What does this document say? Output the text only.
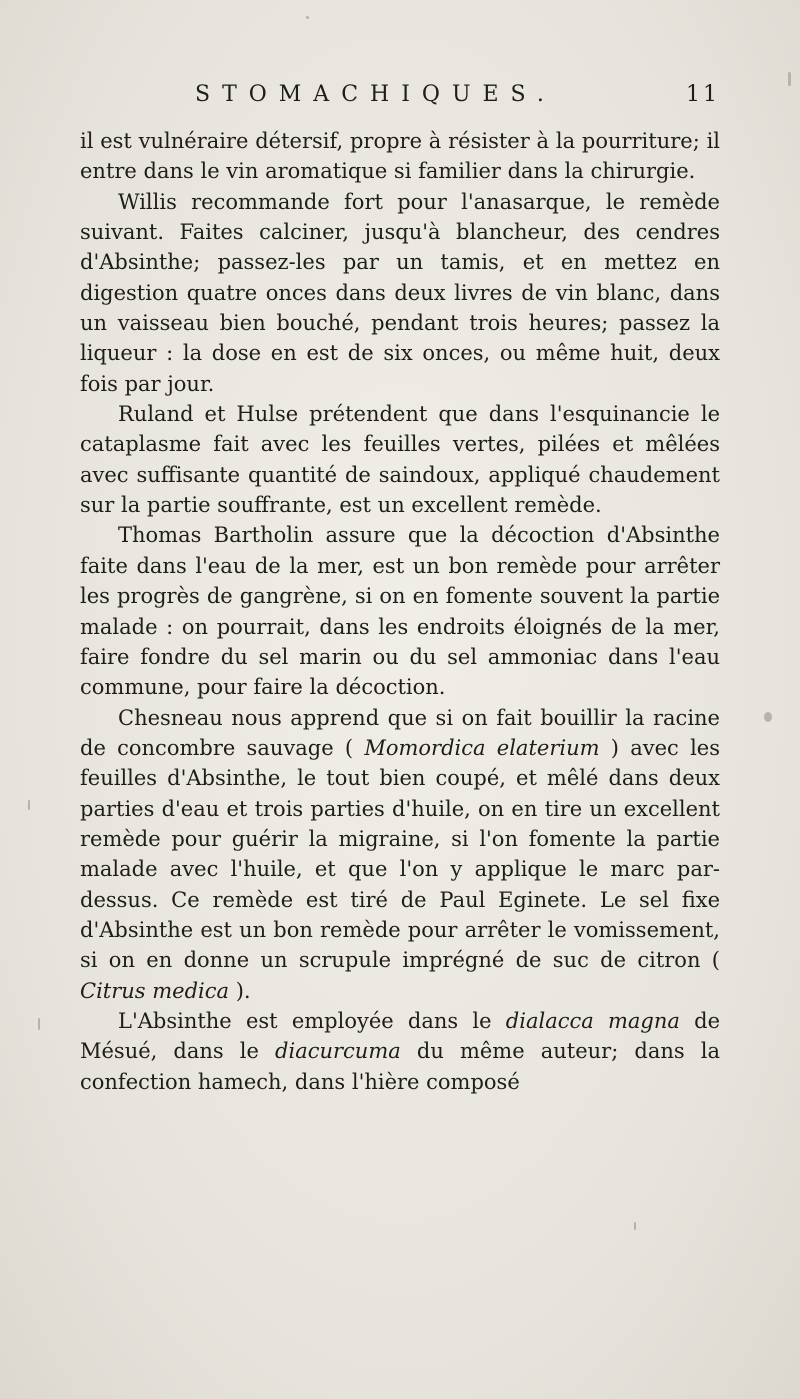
STOMACHIQUES.	11

il est vulnéraire détersif, propre à résister à la pourriture; il entre dans le vin aromatique si familier dans la chirurgie.

Willis recommande fort pour l'anasarque, le remède suivant. Faites calciner, jusqu'à blancheur, des cendres d'Absinthe; passez-les par un tamis, et en mettez en digestion quatre onces dans deux livres de vin blanc, dans un vaisseau bien bouché, pendant trois heures; passez la liqueur : la dose en est de six onces, ou même huit, deux fois par jour.

Ruland et Hulse prétendent que dans l'esquinancie le cataplasme fait avec les feuilles vertes, pilées et mêlées avec suffisante quantité de saindoux, appliqué chaudement sur la partie souffrante, est un excellent remède.

Thomas Bartholin assure que la décoction d'Absinthe faite dans l'eau de la mer, est un bon remède pour arrêter les progrès de gangrène, si on en fomente souvent la partie malade : on pourrait, dans les endroits éloignés de la mer, faire fondre du sel marin ou du sel ammoniac dans l'eau commune, pour faire la décoction.

Chesneau nous apprend que si on fait bouillir la racine de concombre sauvage ( Momordica elaterium ) avec les feuilles d'Absinthe, le tout bien coupé, et mêlé dans deux parties d'eau et trois parties d'huile, on en tire un excellent remède pour guérir la migraine, si l'on fomente la partie malade avec l'huile, et que l'on y applique le marc par-dessus. Ce remède est tiré de Paul Eginete. Le sel fixe d'Absinthe est un bon remède pour arrêter le vomissement, si on en donne un scrupule imprégné de suc de citron ( Citrus medica ).

L'Absinthe est employée dans le dialacca magna de Mésué, dans le diacurcuma du même auteur; dans la confection hamech, dans l'hière composé
